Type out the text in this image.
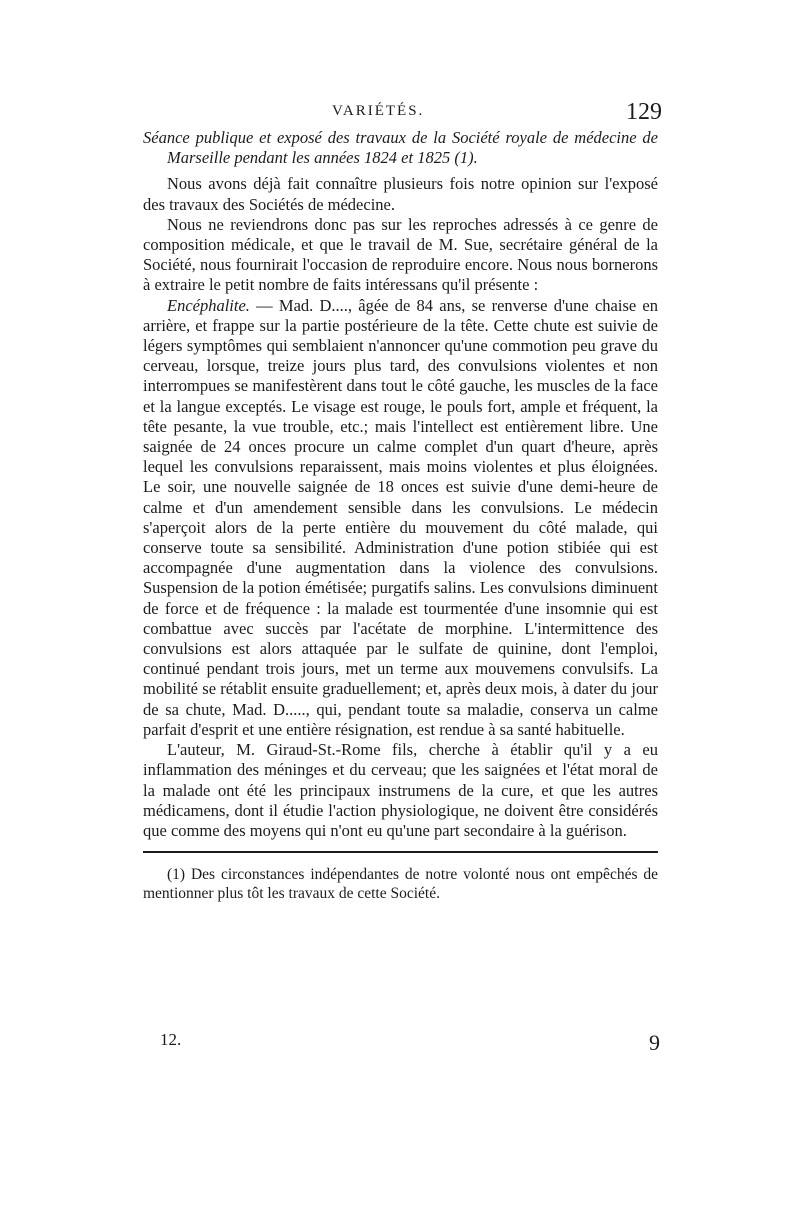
VARIÉTÉS.	129

Séance publique et exposé des travaux de la Société royale de médecine de Marseille pendant les années 1824 et 1825 (1).

Nous avons déjà fait connaître plusieurs fois notre opinion sur l'exposé des travaux des Sociétés de médecine.

Nous ne reviendrons donc pas sur les reproches adressés à ce genre de composition médicale, et que le travail de M. Sue, secrétaire général de la Société, nous fournirait l'occasion de reproduire encore. Nous nous bornerons à extraire le petit nombre de faits intéressans qu'il présente :

Encéphalite. — Mad. D...., âgée de 84 ans, se renverse d'une chaise en arrière, et frappe sur la partie postérieure de la tête. Cette chute est suivie de légers symptômes qui semblaient n'annoncer qu'une commotion peu grave du cerveau, lorsque, treize jours plus tard, des convulsions violentes et non interrompues se manifestèrent dans tout le côté gauche, les muscles de la face et la langue exceptés. Le visage est rouge, le pouls fort, ample et fréquent, la tête pesante, la vue trouble, etc.; mais l'intellect est entièrement libre. Une saignée de 24 onces procure un calme complet d'un quart d'heure, après lequel les convulsions reparaissent, mais moins violentes et plus éloignées. Le soir, une nouvelle saignée de 18 onces est suivie d'une demi-heure de calme et d'un amendement sensible dans les convulsions. Le médecin s'aperçoit alors de la perte entière du mouvement du côté malade, qui conserve toute sa sensibilité. Administration d'une potion stibiée qui est accompagnée d'une augmentation dans la violence des convulsions. Suspension de la potion émétisée; purgatifs salins. Les convulsions diminuent de force et de fréquence : la malade est tourmentée d'une insomnie qui est combattue avec succès par l'acétate de morphine. L'intermittence des convulsions est alors attaquée par le sulfate de quinine, dont l'emploi, continué pendant trois jours, met un terme aux mouvemens convulsifs. La mobilité se rétablit ensuite graduellement; et, après deux mois, à dater du jour de sa chute, Mad. D....., qui, pendant toute sa maladie, conserva un calme parfait d'esprit et une entière résignation, est rendue à sa santé habituelle.

L'auteur, M. Giraud-St.-Rome fils, cherche à établir qu'il y a eu inflammation des méninges et du cerveau; que les saignées et l'état moral de la malade ont été les principaux instrumens de la cure, et que les autres médicamens, dont il étudie l'action physiologique, ne doivent être considérés que comme des moyens qui n'ont eu qu'une part secondaire à la guérison.

(1) Des circonstances indépendantes de notre volonté nous ont empêchés de mentionner plus tôt les travaux de cette Société.

12.	9
